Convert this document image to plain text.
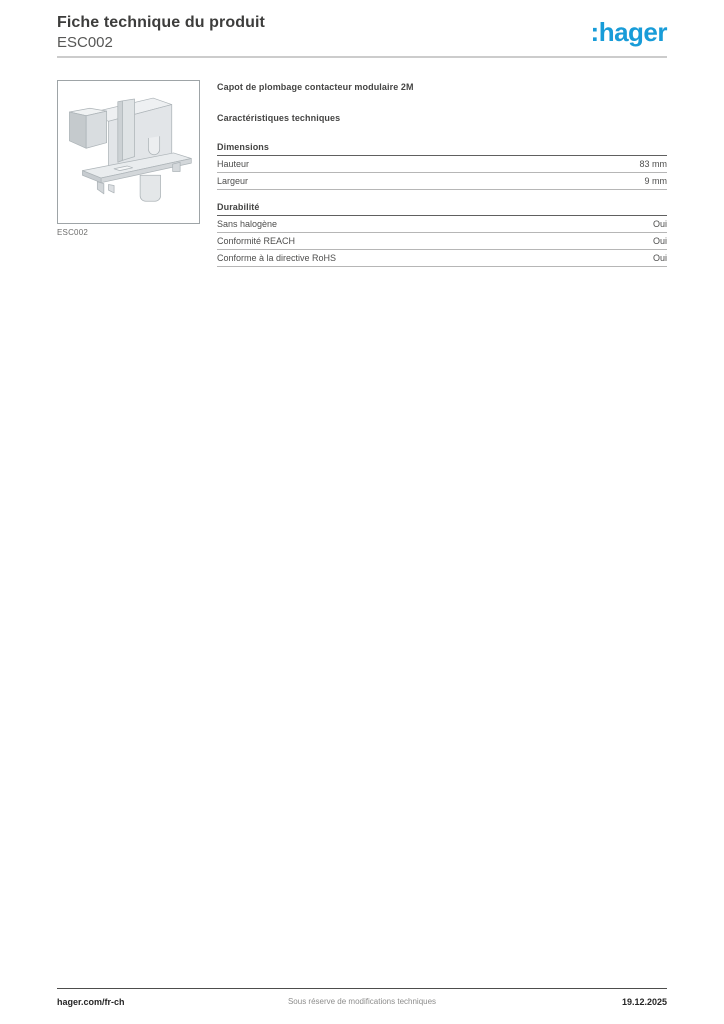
Fiche technique du produit
ESC002	:hager
ESC002
Capot de plombage contacteur modulaire 2M
Caractéristiques techniques
Dimensions
Hauteur	83 mm
Largeur	9 mm
Durabilité
Sans halogène	Oui
Conformité REACH	Oui
Conforme à la directive RoHS	Oui
hager.com/fr-ch	Sous réserve de modifications techniques	19.12.2025
